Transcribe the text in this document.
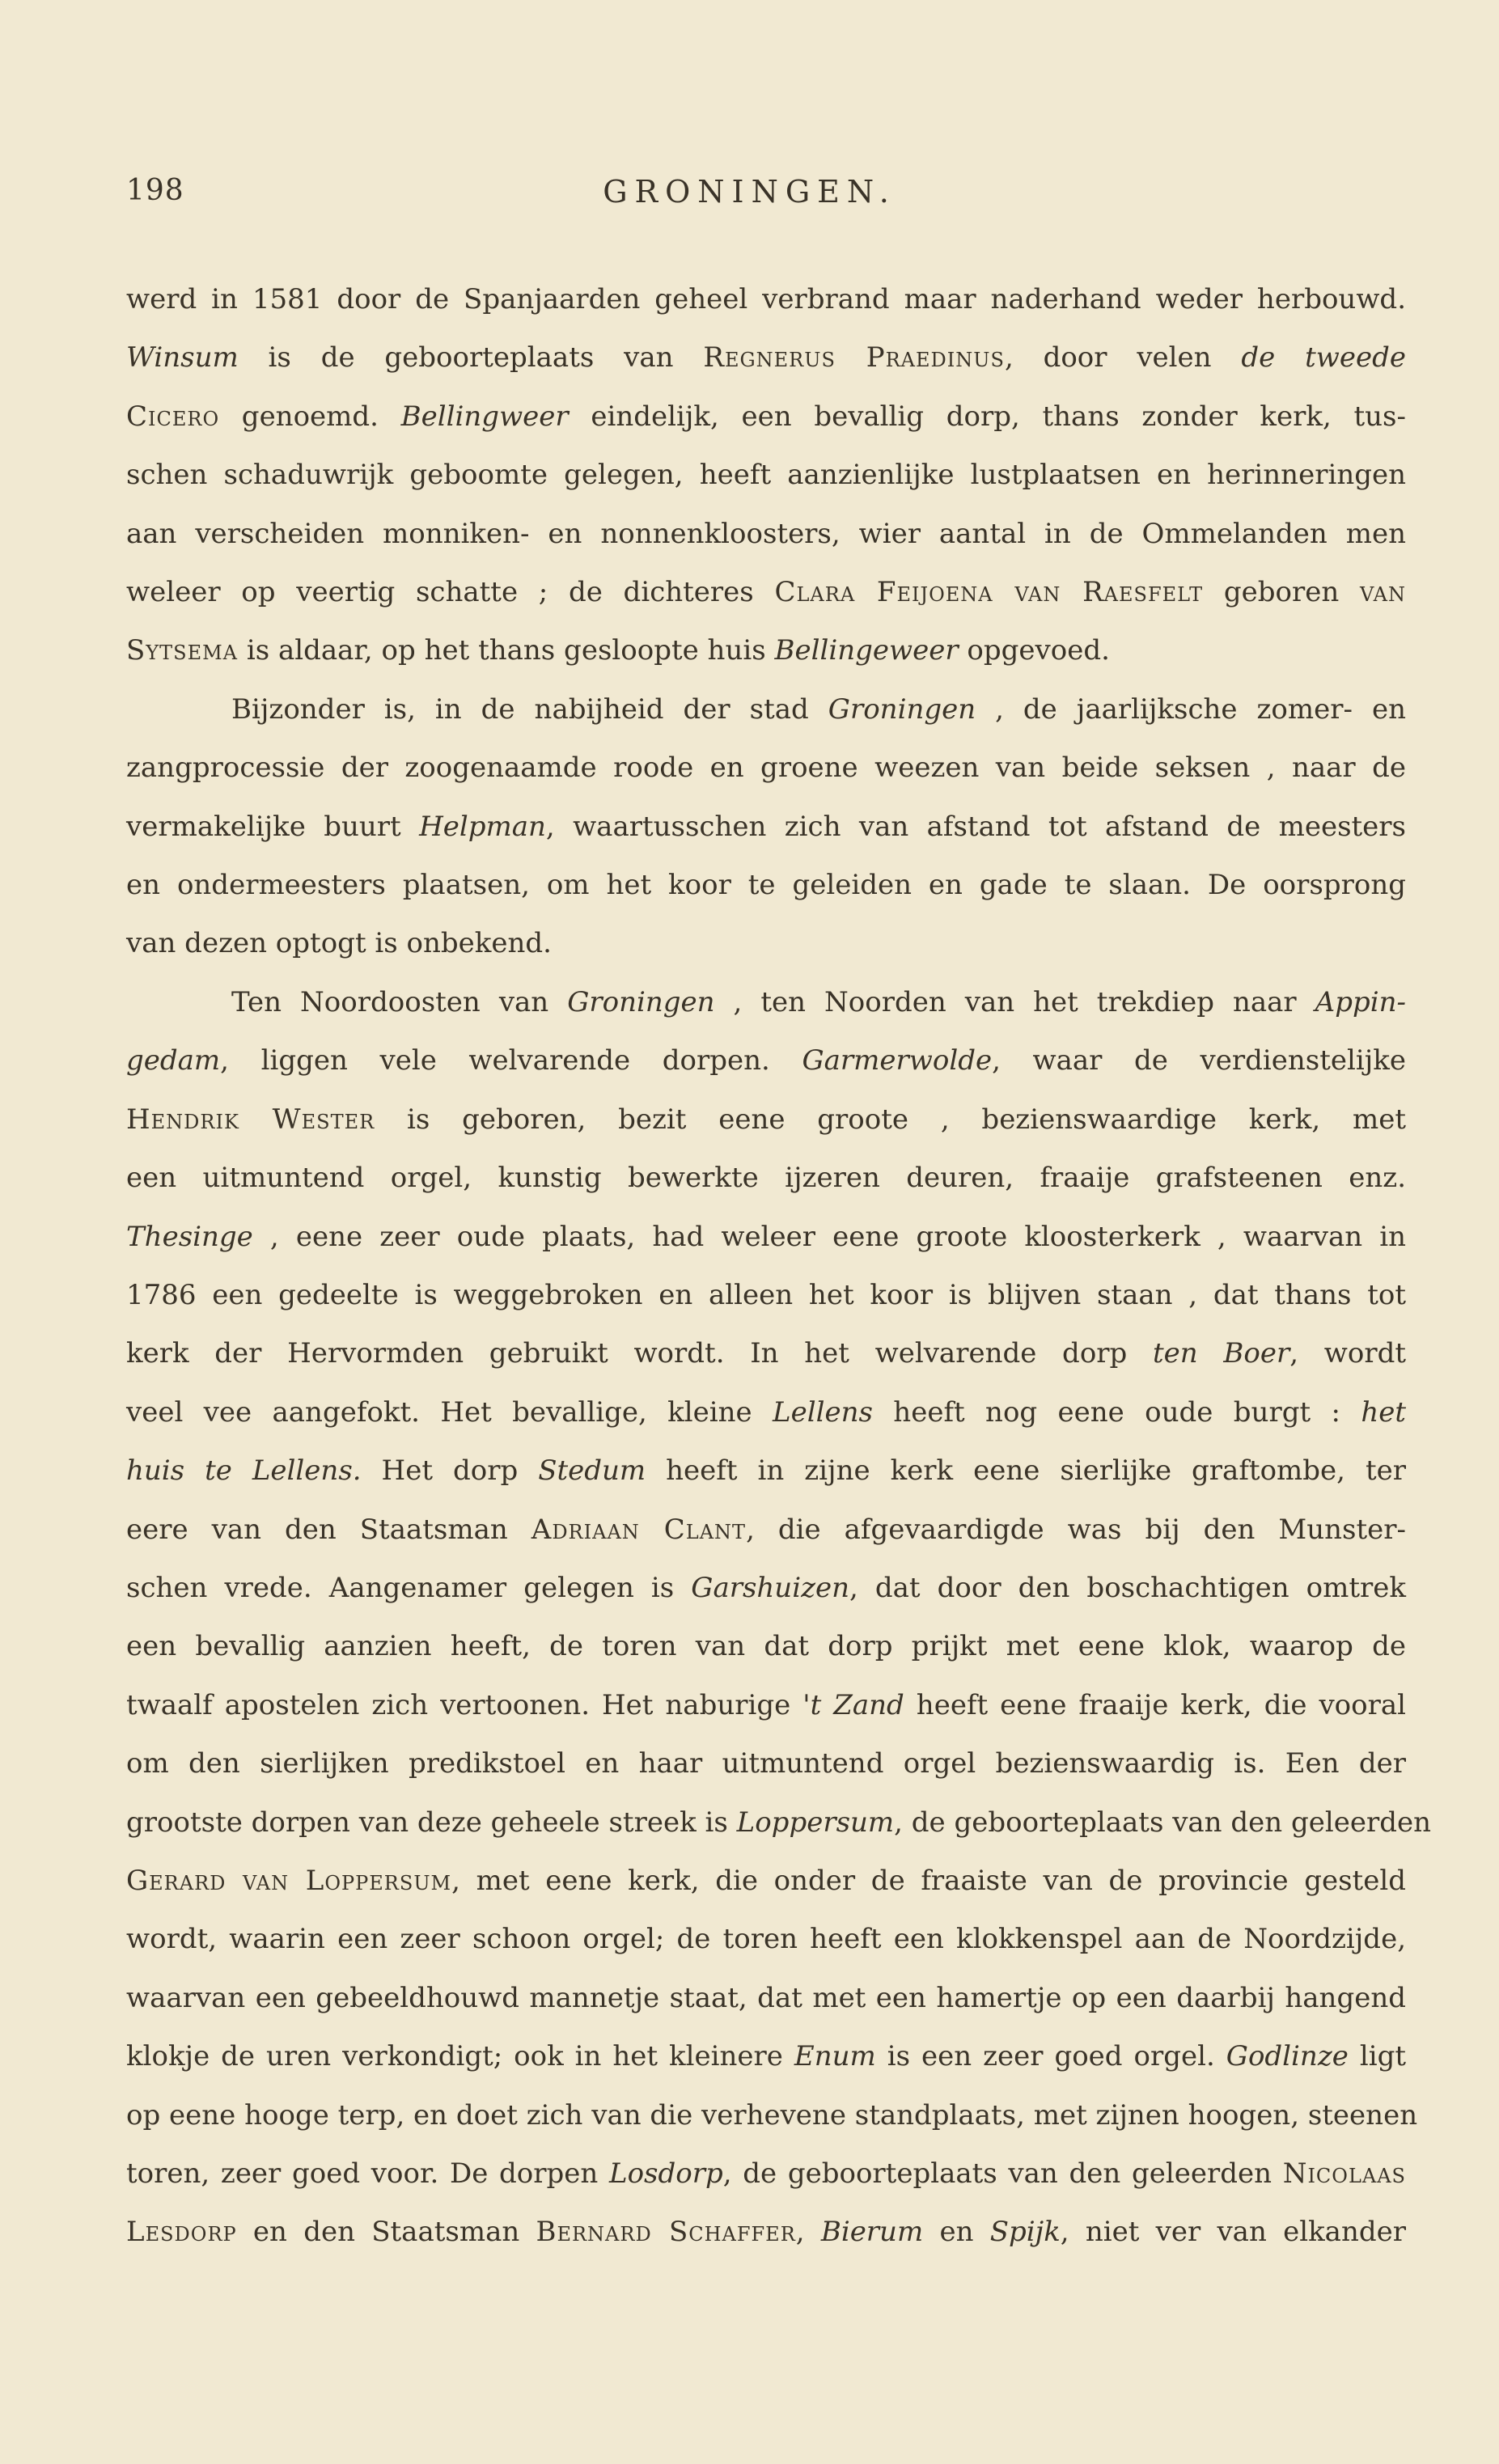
198	GRONINGEN.
werd in 1581 door de Spanjaarden geheel verbrand maar naderhand weder herbouwd.
Winsum is de geboorteplaats van Regnerus Praedinus, door velen de tweede
Cicero genoemd. Bellingweer eindelijk, een bevallig dorp, thans zonder kerk, tus-
schen schaduwrijk geboomte gelegen, heeft aanzienlijke lustplaatsen en herinneringen
aan verscheiden monniken- en nonnenkloosters, wier aantal in de Ommelanden men
weleer op veertig schatte ; de dichteres Clara Feijoena van Raesfelt geboren van
Sytsema is aldaar, op het thans gesloopte huis Bellingeweer opgevoed.
Bijzonder is, in de nabijheid der stad Groningen , de jaarlijksche zomer- en
zangprocessie der zoogenaamde roode en groene weezen van beide seksen , naar de
vermakelijke buurt Helpman, waartusschen zich van afstand tot afstand de meesters
en ondermeesters plaatsen, om het koor te geleiden en gade te slaan. De oorsprong
van dezen optogt is onbekend.
Ten Noordoosten van Groningen , ten Noorden van het trekdiep naar Appin-
gedam, liggen vele welvarende dorpen. Garmerwolde, waar de verdienstelijke
Hendrik Wester is geboren, bezit eene groote , bezienswaardige kerk, met
een uitmuntend orgel, kunstig bewerkte ijzeren deuren, fraaije grafsteenen enz.
Thesinge , eene zeer oude plaats, had weleer eene groote kloosterkerk , waarvan in
1786 een gedeelte is weggebroken en alleen het koor is blijven staan , dat thans tot
kerk der Hervormden gebruikt wordt. In het welvarende dorp ten Boer, wordt
veel vee aangefokt. Het bevallige, kleine Lellens heeft nog eene oude burgt : het
huis te Lellens. Het dorp Stedum heeft in zijne kerk eene sierlijke graftombe, ter
eere van den Staatsman Adriaan Clant, die afgevaardigde was bij den Munster-
schen vrede. Aangenamer gelegen is Garshuizen, dat door den boschachtigen omtrek
een bevallig aanzien heeft, de toren van dat dorp prijkt met eene klok, waarop de
twaalf apostelen zich vertoonen. Het naburige 't Zand heeft eene fraaije kerk, die vooral
om den sierlijken predikstoel en haar uitmuntend orgel bezienswaardig is. Een der
grootste dorpen van deze geheele streek is Loppersum, de geboorteplaats van den geleerden
Gerard van Loppersum, met eene kerk, die onder de fraaiste van de provincie gesteld
wordt, waarin een zeer schoon orgel; de toren heeft een klokkenspel aan de Noordzijde,
waarvan een gebeeldhouwd mannetje staat, dat met een hamertje op een daarbij hangend
klokje de uren verkondigt; ook in het kleinere Enum is een zeer goed orgel. Godlinze ligt
op eene hooge terp, en doet zich van die verhevene standplaats, met zijnen hoogen, steenen
toren, zeer goed voor. De dorpen Losdorp, de geboorteplaats van den geleerden Nicolaas
Lesdorp en den Staatsman Bernard Schaffer, Bierum en Spijk, niet ver van elkander
